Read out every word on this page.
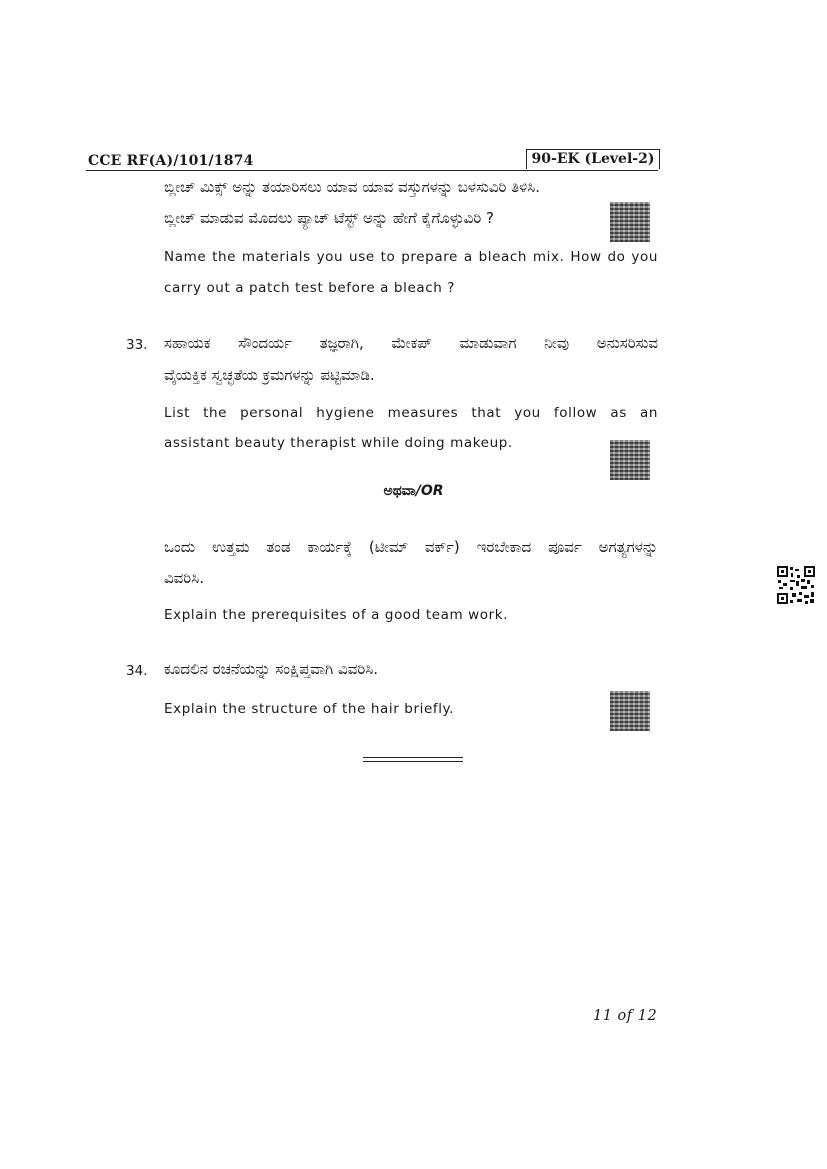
CCE RF(A)/101/1874	90-EK (Level-2)
ಬ್ಲೀಚ್ ಮಿಕ್ಸ್ ಅನ್ನು ತಯಾರಿಸಲು ಯಾವ ಯಾವ ವಸ್ತುಗಳನ್ನು ಬಳಸುವಿರಿ ತಿಳಿಸಿ.
ಬ್ಲೀಚ್ ಮಾಡುವ ಮೊದಲು ಪ್ಯಾಚ್ ಟೆಸ್ಟ್ ಅನ್ನು ಹೇಗೆ ಕೈಗೊಳ್ಳುವಿರಿ ?
Name the materials you use to prepare a bleach mix. How do you
carry out a patch test before a bleach ?
33. ಸಹಾಯಕ ಸೌಂದರ್ಯ ತಜ್ಞರಾಗಿ, ಮೇಕಪ್ ಮಾಡುವಾಗ ನೀವು ಅನುಸರಿಸುವ
ವೈಯಕ್ತಿಕ ಸ್ವಚ್ಛತೆಯ ಕ್ರಮಗಳನ್ನು ಪಟ್ಟಿಮಾಡಿ.
List the personal hygiene measures that you follow as an
assistant beauty therapist while doing makeup.
ಅಥವಾ/OR
ಒಂದು ಉತ್ತಮ ತಂಡ ಕಾರ್ಯಕ್ಕೆ (ಟೀಮ್ ವರ್ಕ್) ಇರಬೇಕಾದ ಪೂರ್ವ ಅಗತ್ಯಗಳನ್ನು
ವಿವರಿಸಿ.
Explain the prerequisites of a good team work.
34. ಕೂದಲಿನ ರಚನೆಯನ್ನು ಸಂಕ್ಷಿಪ್ತವಾಗಿ ವಿವರಿಸಿ.
Explain the structure of the hair briefly.
11 of 12
